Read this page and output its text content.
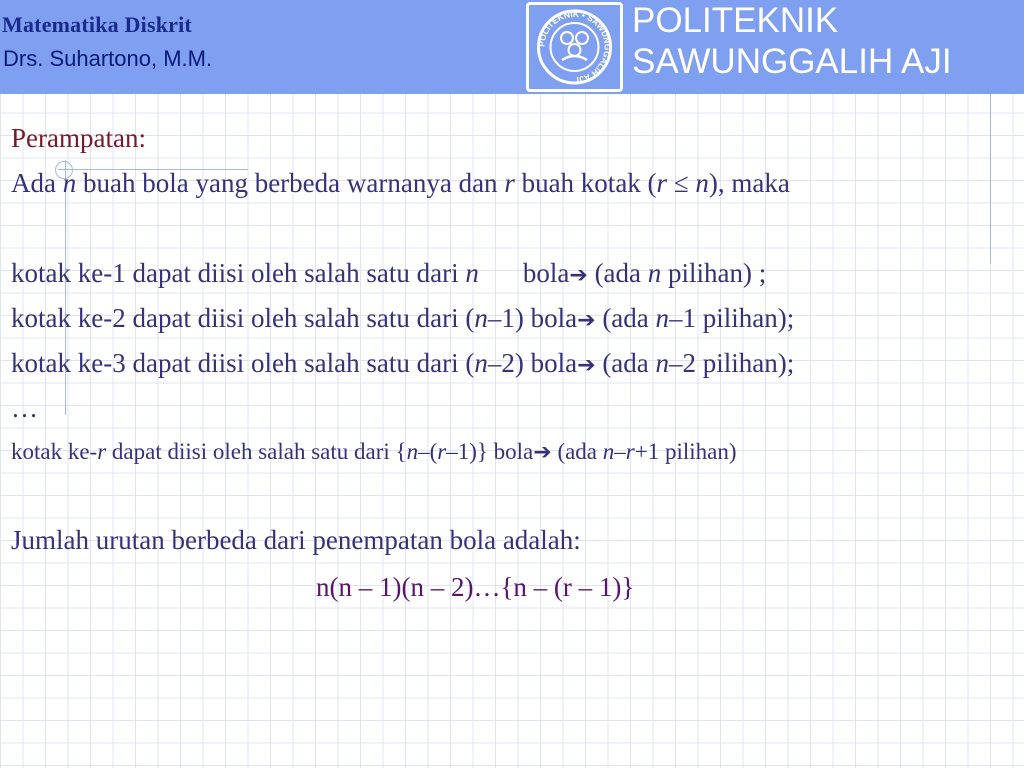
Matematika Diskrit
Drs. Suhartono, M.M.
POLITEKNIK • SAWUNGGALIH AJI
POLITEKNIK
SAWUNGGALIH AJI
Perampatan:
Ada n buah bola yang berbeda warnanya dan r buah kotak (r ≤ n), maka
kotak ke-1 dapat diisi oleh salah satu dari n bola➔ (ada n pilihan) ;
kotak ke-2 dapat diisi oleh salah satu dari (n–1) bola➔ (ada n–1 pilihan);
kotak ke-3 dapat diisi oleh salah satu dari (n–2) bola➔ (ada n–2 pilihan);
…
kotak ke-r dapat diisi oleh salah satu dari {n–(r–1)} bola➔ (ada n–r+1 pilihan)
Jumlah urutan berbeda dari penempatan bola adalah:
n(n – 1)(n – 2)…{n – (r – 1)}
